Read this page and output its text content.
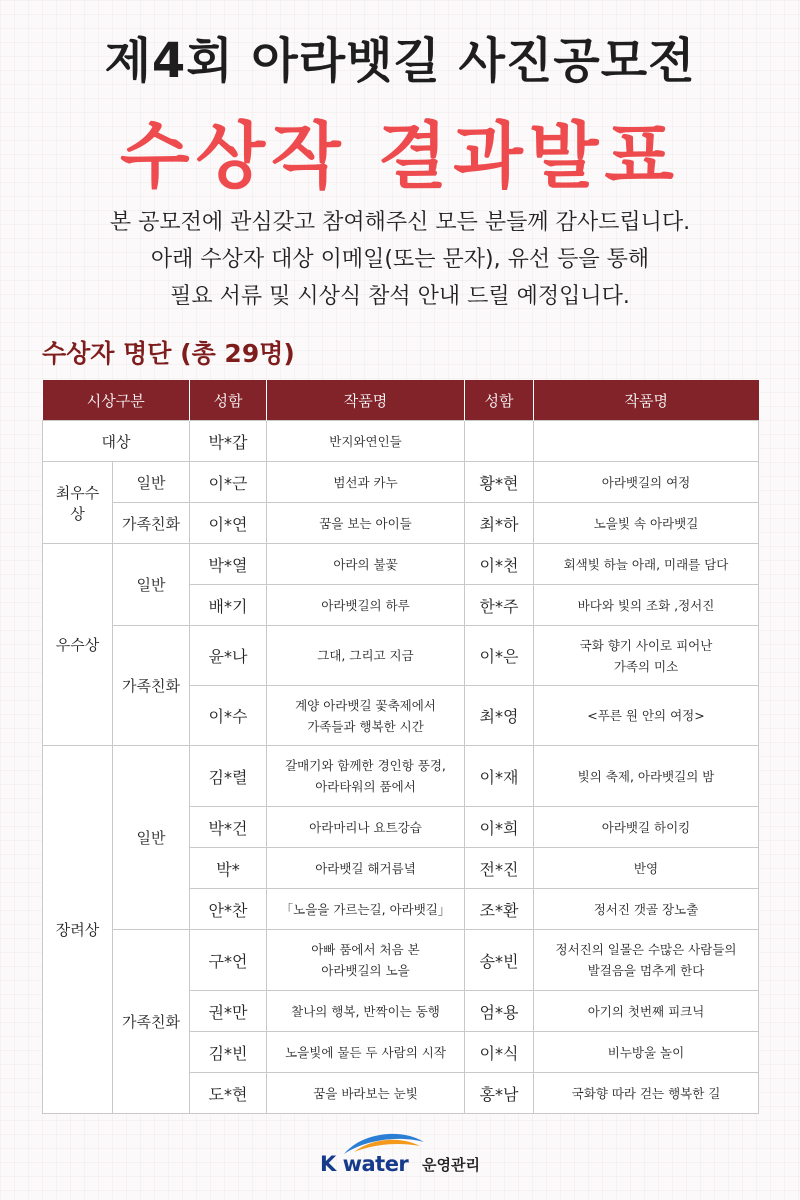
제4회 아라뱃길 사진공모전
수상작 결과발표
본 공모전에 관심갖고 참여해주신 모든 분들께 감사드립니다.
아래 수상자 대상 이메일(또는 문자), 유선 등을 통해
필요 서류 및 시상식 참석 안내 드릴 예정입니다.
수상자 명단 (총 29명)
시상구분		성함	작품명	성함	작품명
대상		박*갑	반지와연인들		

최우수상	일반	이*근	범선과 카누	황*현	아라뱃길의 여정

	가족친화	이*연	꿈을 보는 아이들	최*하	노을빛 속 아라뱃길

우수상	일반	박*열	아라의 불꽃	이*천	회색빛 하늘 아래, 미래를 담다

		배*기	아라뱃길의 하루	한*주	바다와 빛의 조화 ,정서진

	가족친화	윤*나	그대, 그리고 지금	이*은	국화 향기 사이로 피어난
가족의 미소

		이*수	계양 아라뱃길 꽃축제에서
가족들과 행복한 시간	최*영	<푸른 원 안의 여정>

장려상	일반	김*렬	갈매기와 함께한 경인항 풍경,
아라타워의 품에서	이*재	빛의 축제, 아라뱃길의 밤

		박*건	아라마리나 요트강습	이*희	아라뱃길 하이킹

		박*	아라뱃길 해거름녘	전*진	반영

		안*찬	「노을을 가르는길, 아라뱃길」	조*환	정서진 갯골 장노출

	가족친화	구*언	아빠 품에서 처음 본
아라뱃길의 노을	송*빈	정서진의 일몰은 수많은 사람들의
발걸음을 멈추게 한다

		권*만	찰나의 행복, 반짝이는 동행	엄*용	아기의 첫번째 피크닉

		김*빈	노을빛에 물든 두 사람의 시작	이*식	비누방울 놀이

		도*현	꿈을 바라보는 눈빛	홍*남	국화향 따라 걷는 행복한 길
K water 운영관리
